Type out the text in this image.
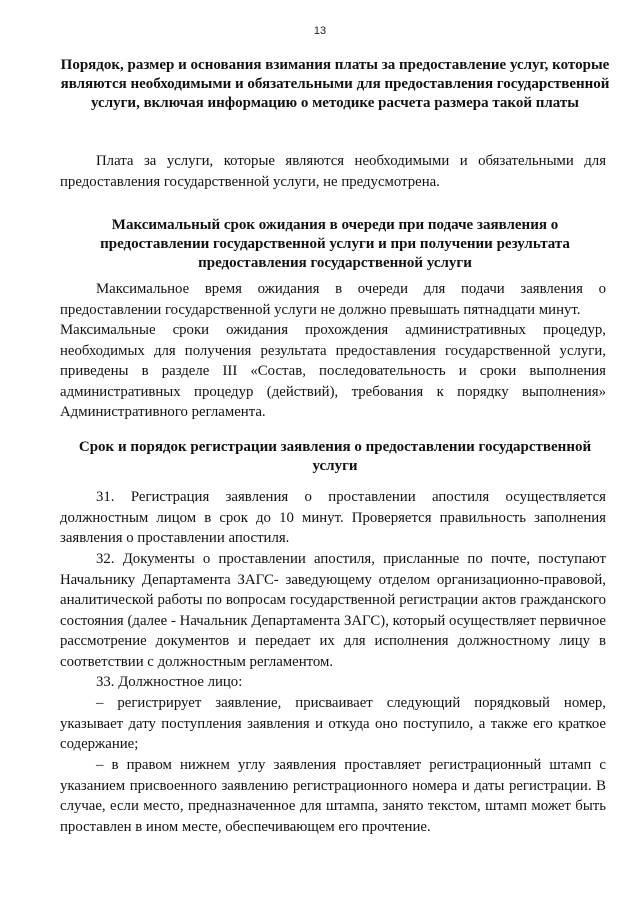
13
Порядок, размер и основания взимания платы за предоставление услуг, которые являются необходимыми и обязательными для предоставления государственной услуги, включая информацию о методике расчета размера такой платы
Плата за услуги, которые являются необходимыми и обязательными для предоставления государственной услуги, не предусмотрена.
Максимальный срок ожидания в очереди при подаче заявления о предоставлении государственной услуги и при получении результата предоставления государственной услуги
Максимальное время ожидания в очереди для подачи заявления о предоставлении государственной услуги не должно превышать пятнадцати минут.
Максимальные сроки ожидания прохождения административных процедур, необходимых для получения результата предоставления государственной услуги, приведены в разделе III «Состав, последовательность и сроки выполнения административных процедур (действий), требования к порядку выполнения» Административного регламента.
Срок и порядок регистрации заявления о предоставлении государственной услуги
31. Регистрация заявления о проставлении апостиля осуществляется должностным лицом в срок до 10 минут. Проверяется правильность заполнения заявления о проставлении апостиля.
32. Документы о проставлении апостиля, присланные по почте, поступают Начальнику Департамента ЗАГС- заведующему отделом организационно-правовой, аналитической работы по вопросам государственной регистрации актов гражданского состояния (далее - Начальник Департамента ЗАГС), который осуществляет первичное рассмотрение документов и передает их для исполнения должностному лицу в соответствии с должностным регламентом.
33. Должностное лицо:
– регистрирует заявление, присваивает следующий порядковый номер, указывает дату поступления заявления и откуда оно поступило, а также его краткое содержание;
– в правом нижнем углу заявления проставляет регистрационный штамп с указанием присвоенного заявлению регистрационного номера и даты регистрации. В случае, если место, предназначенное для штампа, занято текстом, штамп может быть проставлен в ином месте, обеспечивающем его прочтение.
